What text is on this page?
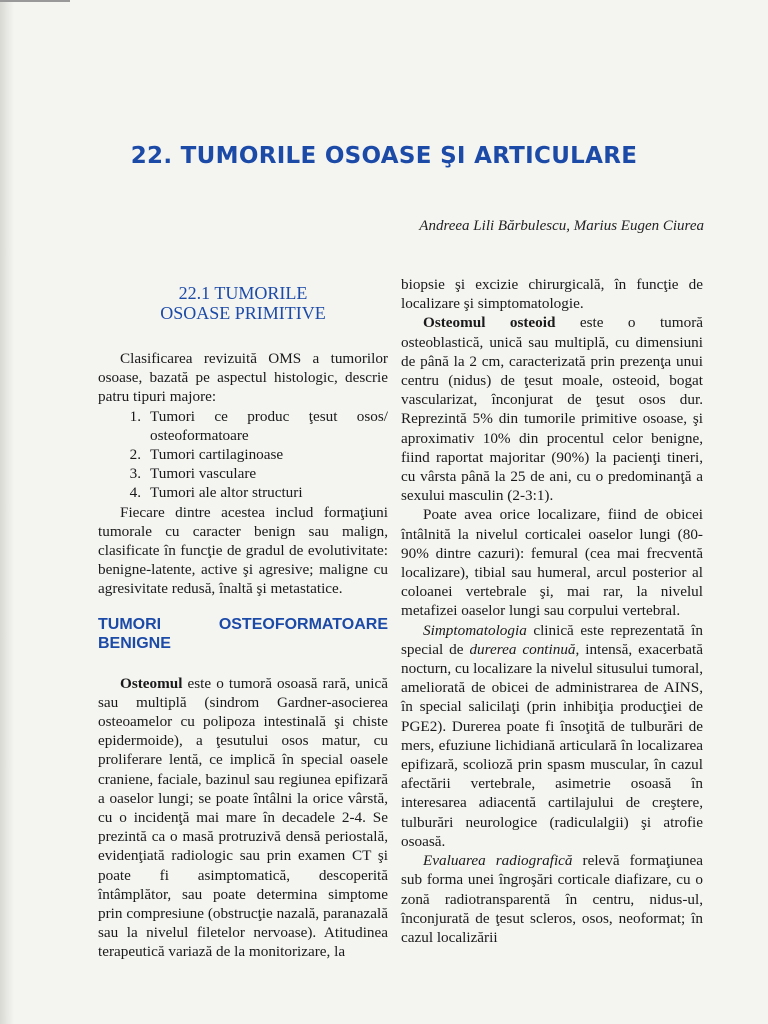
22. TUMORILE OSOASE ŞI ARTICULARE
Andreea Lili Bărbulescu, Marius Eugen Ciurea
22.1 TUMORILE
OSOASE PRIMITIVE

Clasificarea revizuită OMS a tumorilor osoase, bazată pe aspectul histologic, descrie patru tipuri majore:

1. Tumori ce produc ţesut osos/ osteoformatoare
2. Tumori cartilaginoase
3. Tumori vasculare
4. Tumori ale altor structuri

Fiecare dintre acestea includ formaţiuni tumorale cu caracter benign sau malign, clasificate în funcţie de gradul de evolutivitate: benigne-latente, active şi agresive; maligne cu agresivitate redusă, înaltă şi metastatice.

TUMORI OSTEOFORMATOARE BENIGNE

Osteomul este o tumoră osoasă rară, unică sau multiplă (sindrom Gardner-asocierea osteoamelor cu polipoza intestinală şi chiste epidermoide), a ţesutului osos matur, cu proliferare lentă, ce implică în special oasele craniene, faciale, bazinul sau regiunea epifizară a oaselor lungi; se poate întâlni la orice vârstă, cu o incidenţă mai mare în decadele 2-4. Se prezintă ca o masă protruzivă densă periostală, evidenţiată radiologic sau prin examen CT şi poate fi asimptomatică, descoperită întâmplător, sau poate determina simptome prin compresiune (obstrucţie nazală, paranazală sau la nivelul filetelor nervoase). Atitudinea terapeutică variază de la monitorizare, la

biopsie şi excizie chirurgicală, în funcţie de localizare şi simptomatologie.

Osteomul osteoid este o tumoră osteoblastică, unică sau multiplă, cu dimensiuni de până la 2 cm, caracterizată prin prezenţa unui centru (nidus) de ţesut moale, osteoid, bogat vascularizat, înconjurat de ţesut osos dur. Reprezintă 5% din tumorile primitive osoase, şi aproximativ 10% din procentul celor benigne, fiind raportat majoritar (90%) la pacienţi tineri, cu vârsta până la 25 de ani, cu o predominanţă a sexului masculin (2-3:1).

Poate avea orice localizare, fiind de obicei întâlnită la nivelul corticalei oaselor lungi (80-90% dintre cazuri): femural (cea mai frecventă localizare), tibial sau humeral, arcul posterior al coloanei vertebrale şi, mai rar, la nivelul metafizei oaselor lungi sau corpului vertebral.

Simptomatologia clinică este reprezentată în special de durerea continuă, intensă, exacerbată nocturn, cu localizare la nivelul situsului tumoral, ameliorată de obicei de administrarea de AINS, în special salicilaţi (prin inhibiţia producţiei de PGE2). Durerea poate fi însoţită de tulburări de mers, efuziune lichidiană articulară în localizarea epifizară, scolioză prin spasm muscular, în cazul afectării vertebrale, asimetrie osoasă în interesarea adiacentă cartilajului de creştere, tulburări neurologice (radiculalgii) şi atrofie osoasă.

Evaluarea radiografică relevă formaţiunea sub forma unei îngroşări corticale diafizare, cu o zonă radiotransparentă în centru, nidus-ul, înconjurată de ţesut scleros, osos, neoformat; în cazul localizării
